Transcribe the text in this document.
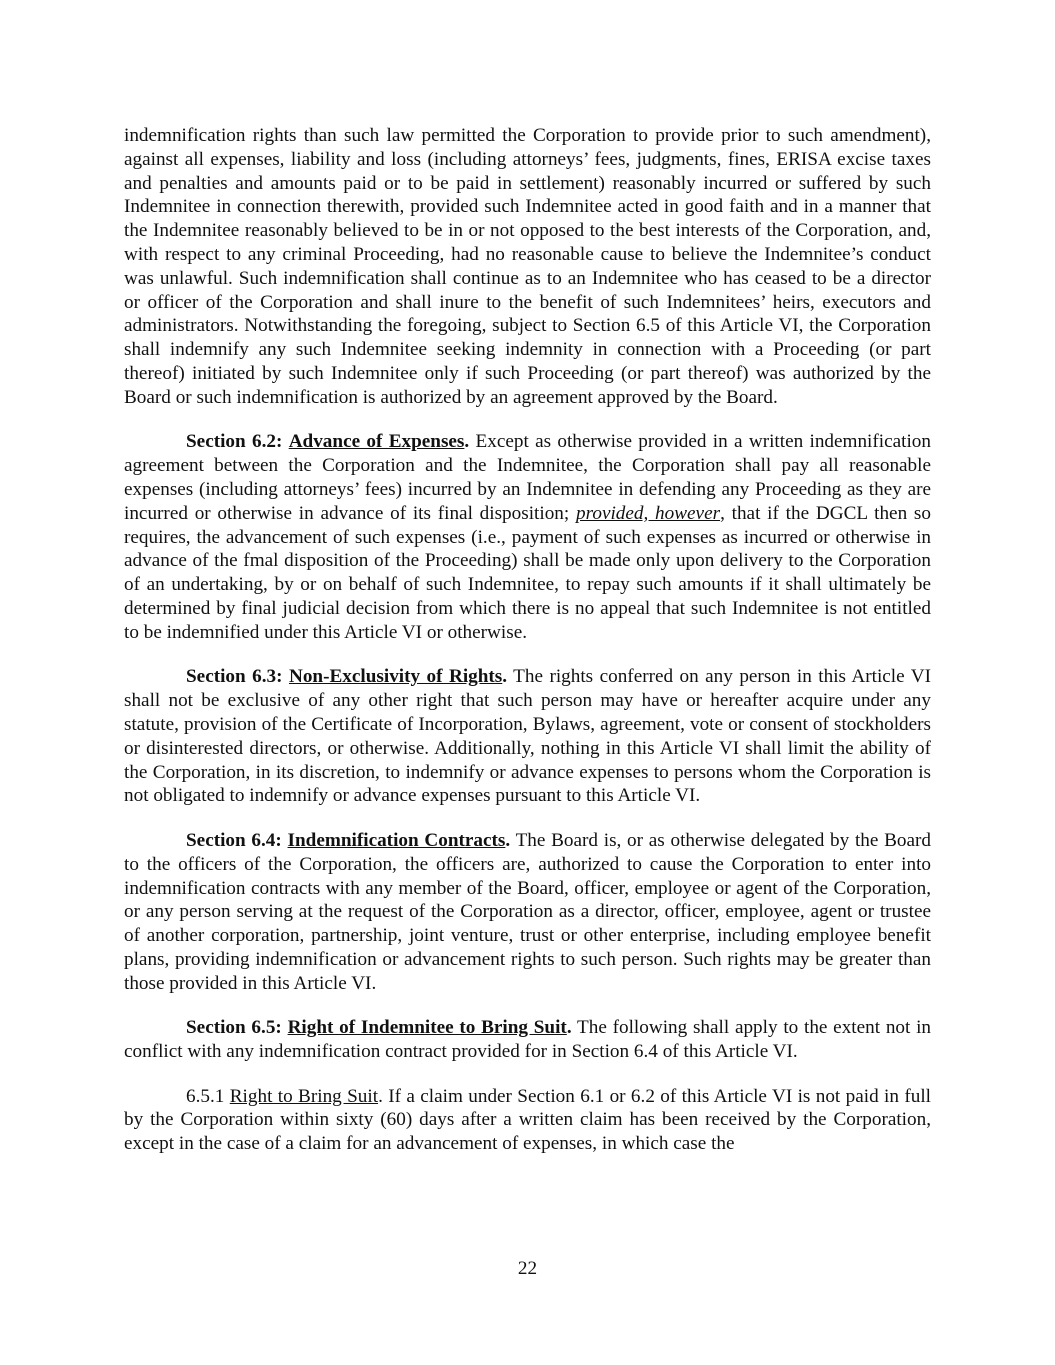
indemnification rights than such law permitted the Corporation to provide prior to such amendment), against all expenses, liability and loss (including attorneys’ fees, judgments, fines, ERISA excise taxes and penalties and amounts paid or to be paid in settlement) reasonably incurred or suffered by such Indemnitee in connection therewith, provided such Indemnitee acted in good faith and in a manner that the Indemnitee reasonably believed to be in or not opposed to the best interests of the Corporation, and, with respect to any criminal Proceeding, had no reasonable cause to believe the Indemnitee’s conduct was unlawful. Such indemnification shall continue as to an Indemnitee who has ceased to be a director or officer of the Corporation and shall inure to the benefit of such Indemnitees’ heirs, executors and administrators. Notwithstanding the foregoing, subject to Section 6.5 of this Article VI, the Corporation shall indemnify any such Indemnitee seeking indemnity in connection with a Proceeding (or part thereof) initiated by such Indemnitee only if such Proceeding (or part thereof) was authorized by the Board or such indemnification is authorized by an agreement approved by the Board.

Section 6.2: Advance of Expenses. Except as otherwise provided in a written indemnification agreement between the Corporation and the Indemnitee, the Corporation shall pay all reasonable expenses (including attorneys’ fees) incurred by an Indemnitee in defending any Proceeding as they are incurred or otherwise in advance of its final disposition; provided, however, that if the DGCL then so requires, the advancement of such expenses (i.e., payment of such expenses as incurred or otherwise in advance of the fmal disposition of the Proceeding) shall be made only upon delivery to the Corporation of an undertaking, by or on behalf of such Indemnitee, to repay such amounts if it shall ultimately be determined by final judicial decision from which there is no appeal that such Indemnitee is not entitled to be indemnified under this Article VI or otherwise.

Section 6.3: Non-Exclusivity of Rights. The rights conferred on any person in this Article VI shall not be exclusive of any other right that such person may have or hereafter acquire under any statute, provision of the Certificate of Incorporation, Bylaws, agreement, vote or consent of stockholders or disinterested directors, or otherwise. Additionally, nothing in this Article VI shall limit the ability of the Corporation, in its discretion, to indemnify or advance expenses to persons whom the Corporation is not obligated to indemnify or advance expenses pursuant to this Article VI.

Section 6.4: Indemnification Contracts. The Board is, or as otherwise delegated by the Board to the officers of the Corporation, the officers are, authorized to cause the Corporation to enter into indemnification contracts with any member of the Board, officer, employee or agent of the Corporation, or any person serving at the request of the Corporation as a director, officer, employee, agent or trustee of another corporation, partnership, joint venture, trust or other enterprise, including employee benefit plans, providing indemnification or advancement rights to such person. Such rights may be greater than those provided in this Article VI.

Section 6.5: Right of Indemnitee to Bring Suit. The following shall apply to the extent not in conflict with any indemnification contract provided for in Section 6.4 of this Article VI.

6.5.1 Right to Bring Suit. If a claim under Section 6.1 or 6.2 of this Article VI is not paid in full by the Corporation within sixty (60) days after a written claim has been received by the Corporation, except in the case of a claim for an advancement of expenses, in which case the

22
